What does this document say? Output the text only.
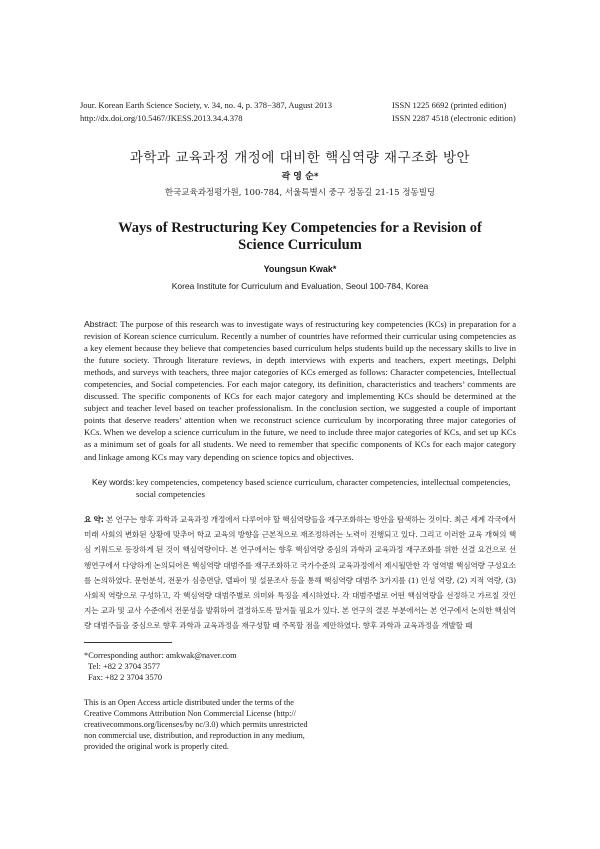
Jour. Korean Earth Science Society, v. 34, no. 4, p. 378−387, August 2013
http://dx.doi.org/10.5467/JKESS.2013.34.4.378
ISSN 1225 6692 (printed edition)
ISSN 2287 4518 (electronic edition)
과학과 교육과정 개정에 대비한 핵심역량 재구조화 방안
곽 영 순*
한국교육과정평가원, 100-784, 서울특별시 중구 정동길 21-15 정동빌딩
Ways of Restructuring Key Competencies for a Revision of
Science Curriculum
Youngsun Kwak*
Korea Institute for Curriculum and Evaluation, Seoul 100-784, Korea
Abstract: The purpose of this research was to investigate ways of restructuring key competencies (KCs) in preparation for a revision of Korean science curriculum. Recently a number of countries have reformed their curricular using competencies as a key element because they believe that competencies based curriculum helps students build up the necessary skills to live in the future society. Through literature reviews, in depth interviews with experts and teachers, expert meetings, Delphi methods, and surveys with teachers, three major categories of KCs emerged as follows: Character competencies, Intellectual competencies, and Social competencies. For each major category, its definition, characteristics and teachers’ comments are discussed. The specific components of KCs for each major category and implementing KCs should be determined at the subject and teacher level based on teacher professionalism. In the conclusion section, we suggested a couple of important points that deserve readers’ attention when we reconstruct science curriculum by incorporating three major categories of KCs. When we develop a science curriculum in the future, we need to include three major categories of KCs, and set up KCs as a minimum set of goals for all students. We need to remember that specific components of KCs for each major category and linkage among KCs may vary depending on science topics and objectives.
Key words: key competencies, competency based science curriculum, character competencies, intellectual competencies, social competencies
요 약: 본 연구는 향후 과학과 교육과정 개정에서 다루어야 할 핵심역량들을 재구조화하는 방안을 탐색하는 것이다. 최근 세계 각국에서 미래 사회의 변화된 상황에 맞추어 학교 교육의 방향을 근본적으로 재조정하려는 노력이 진행되고 있다. 그리고 이러한 교육 개혁의 핵심 키워드로 등장하게 된 것이 핵심역량이다. 본 연구에서는 향후 핵심역량 중심의 과학과 교육과정 재구조화를 위한 선결 요건으로 선행연구에서 다양하게 논의되어온 핵심역량 대범주를 재구조화하고 국가수준의 교육과정에서 제시될만한 각 영역별 핵심역량 구성요소를 논의하였다. 문헌분석, 전문가 심층면담, 델파이 및 설문조사 등을 통해 핵심역량 대범주 3가지를 (1) 인성 역량, (2) 지적 역량, (3) 사회적 역량으로 구성하고, 각 핵심역량 대범주별로 의미와 특징을 제시하였다. 각 대범주별로 어떤 핵심역량을 선정하고 가르칠 것인지는 교과 및 교사 수준에서 전문성을 발휘하여 결정하도록 맡겨둘 필요가 있다. 본 연구의 결론 부분에서는 본 연구에서 논의한 핵심역량 대범주들을 중심으로 향후 과학과 교육과정을 재구성할 때 주목할 점을 제안하였다. 향후 과학과 교육과정을 개발할 때
*Corresponding author: amkwak@naver.com
Tel: +82 2 3704 3577
Fax: +82 2 3704 3570
This is an Open Access article distributed under the terms of the
Creative Commons Attribution Non Commercial License (http://
creativecommons.org/licenses/by nc/3.0) which permits unrestricted
non commercial use, distribution, and reproduction in any medium,
provided the original work is properly cited.
